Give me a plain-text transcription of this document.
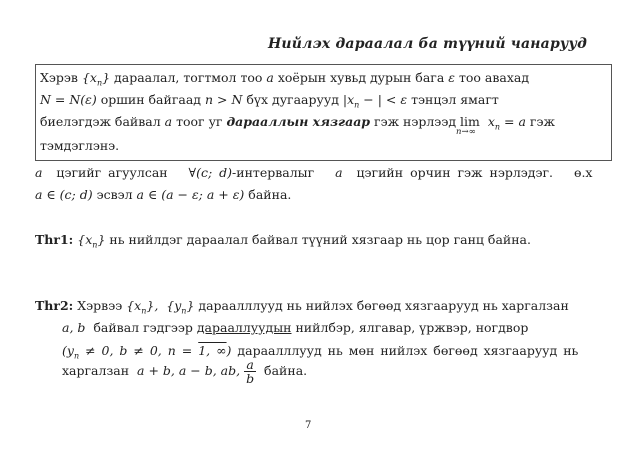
Нийлэх дараалал ба түүний чанарууд
Хэрэв $\{x_n\}$ дараалал, тогтмол тоо a хоёрын хувьд дурын бага ε тоо авахад
N = N(ε) оршин байгаад n > N бүх дугаарууд $|x_n$ − | < ε тэнцэл ямагт
биелэгдэж байвал a тоог уг дарааллын хязгаар гэж нэрлээд lim
n→∞
$x_n = a$ гэж
тэмдэглэнэ.
a цэгийг агуулсан ∀(c; d)-интервалыг a цэгийн орчин гэж нэрлэдэг. ө.х
a ∈ (c; d) эсвэл a ∈ (a − ε; a + ε) байна.
Thr1: $\{x_n\}$ нь нийлдэг дараалал байвал түүний хязгаар нь цор ганц байна.
Thr2: Хэрвээ $\{x_n\}$, $\{y_n\}$ дараалллууд нь нийлэх бөгөөд хязгаарууд нь харгалзан
a, b байвал гэдгээр дарааллуудын нийлбэр, ялгавар, үржвэр, ногдвор
($y_n \ne 0$, b ≠ 0, n = 1, ∞) дараалллууд нь мөн нийлэх бөгөөд хязгаарууд нь
харгалзан a + b, a − b, ab, $\frac{a}{b}$ байна.
7
